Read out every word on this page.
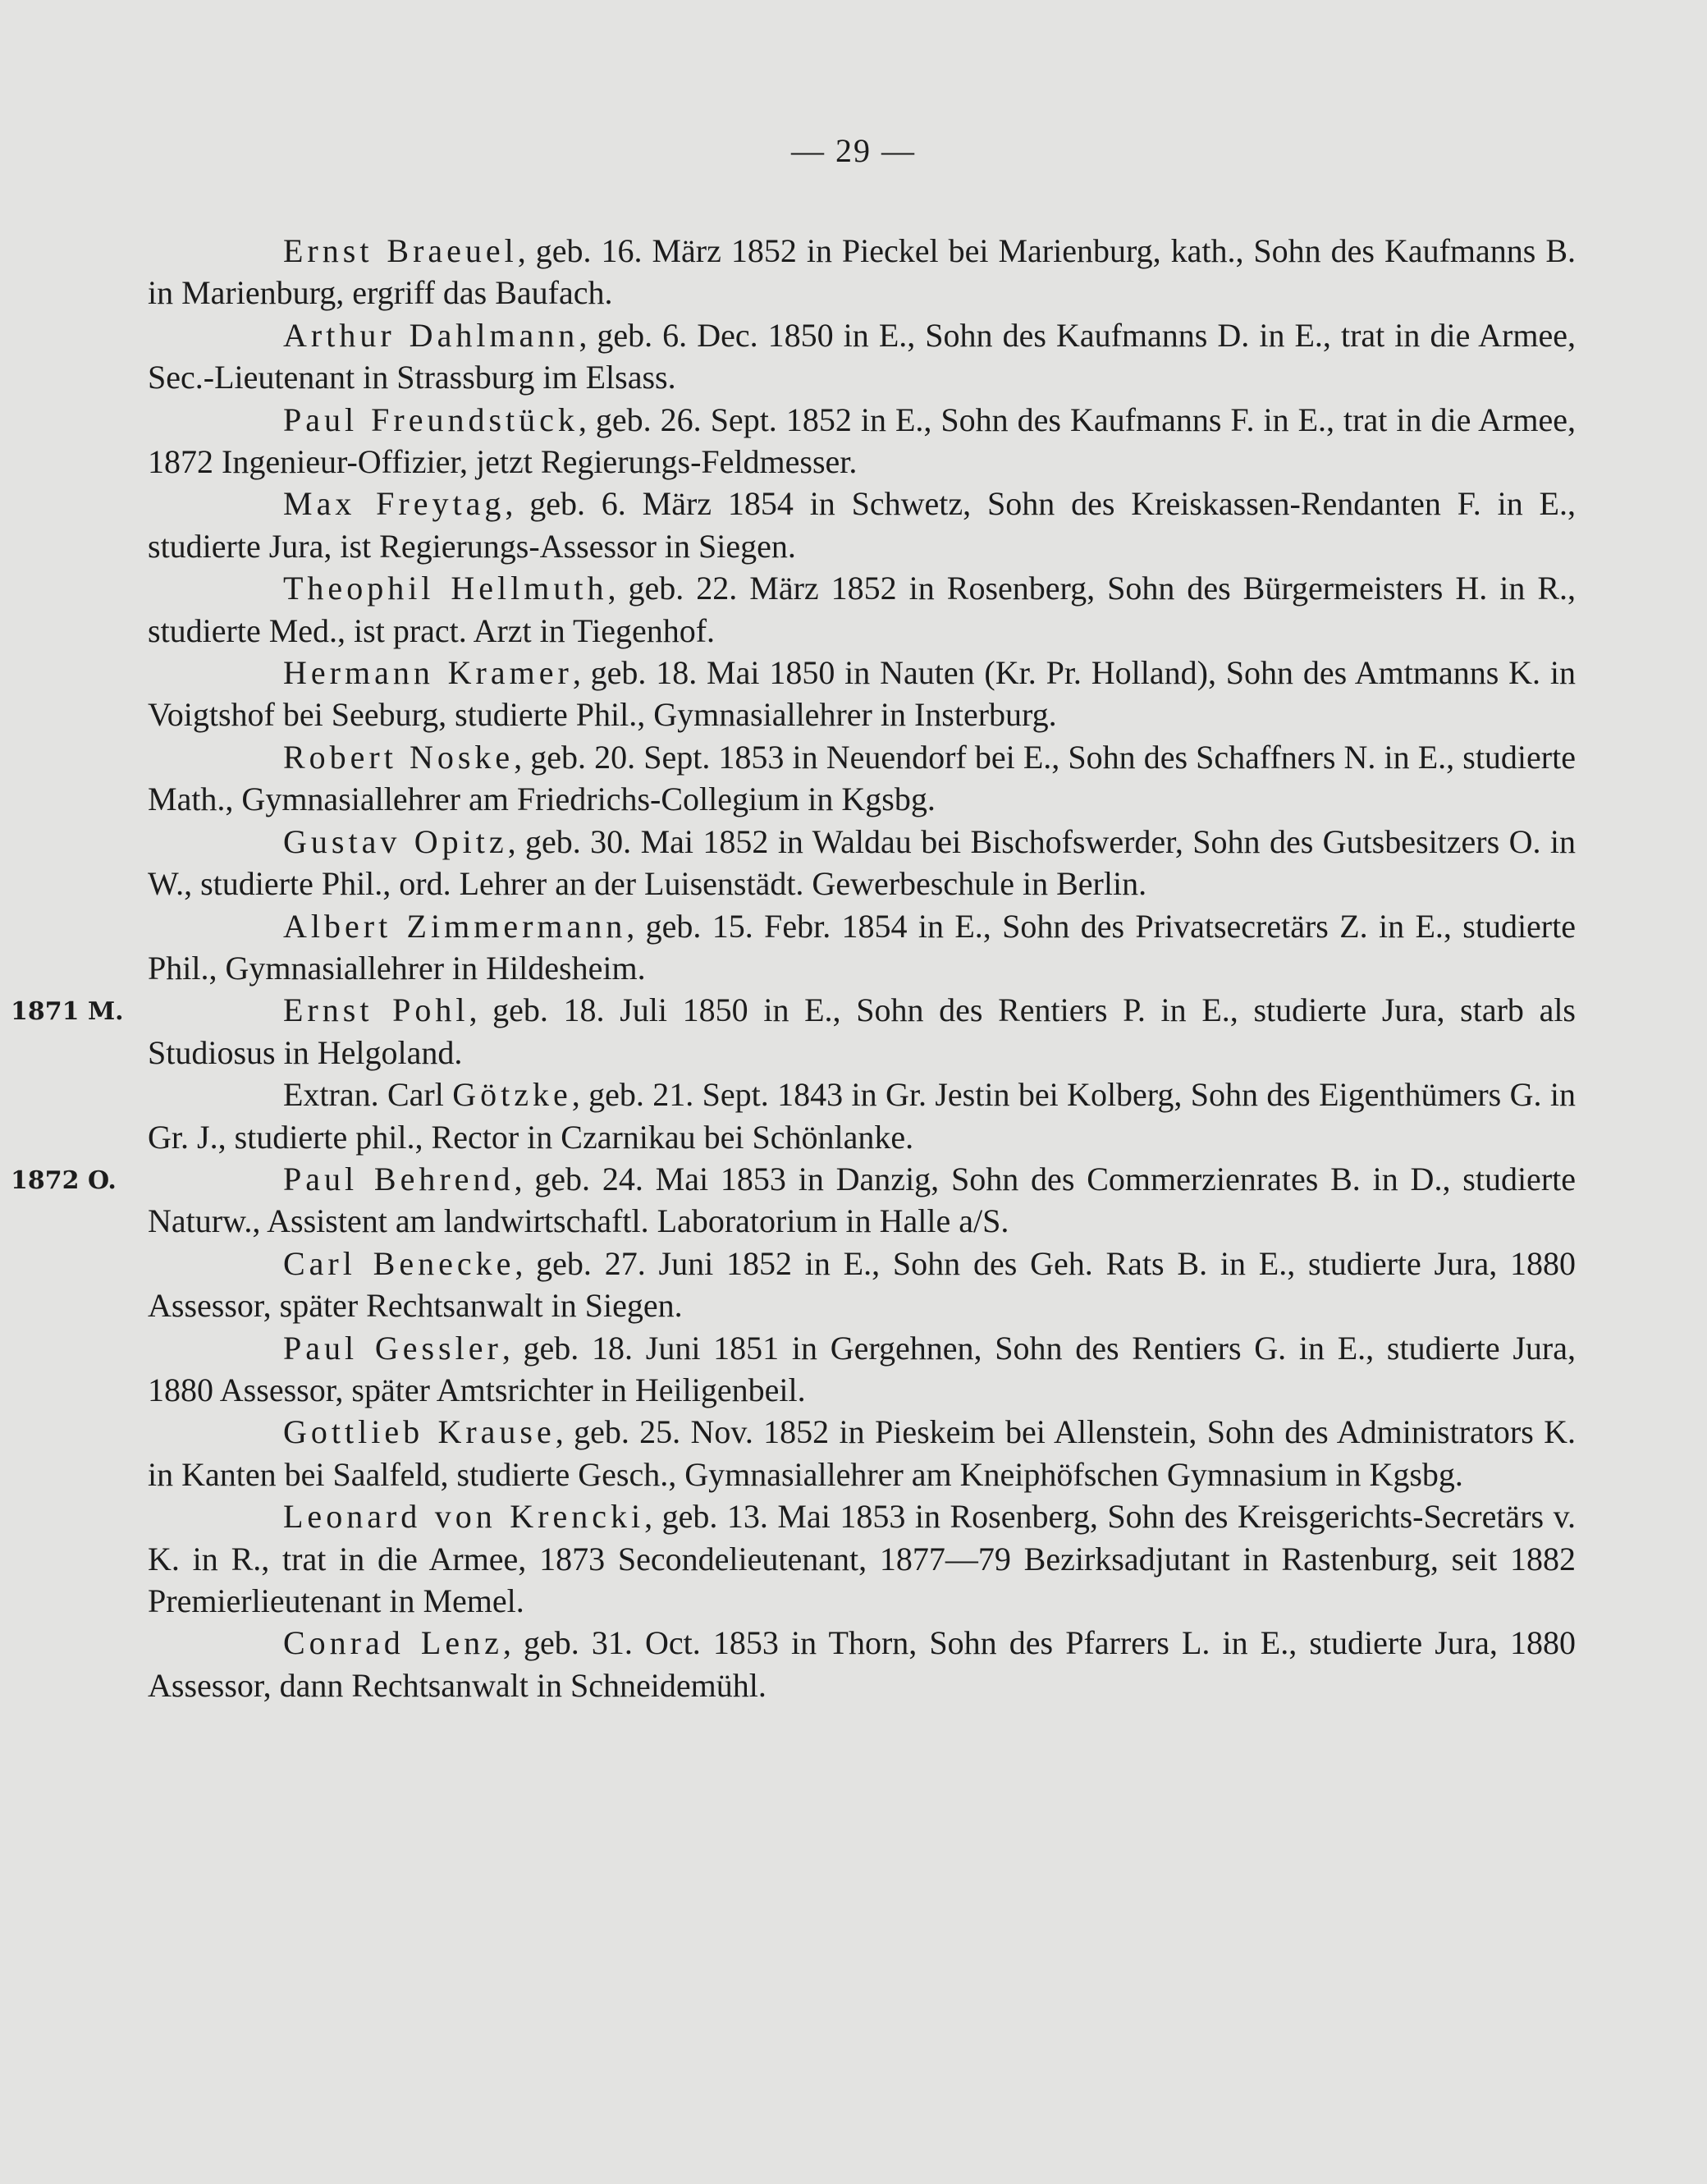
— 29 —

Ernst Braeuel, geb. 16. März 1852 in Pieckel bei Marienburg, kath., Sohn des Kaufmanns B. in Marienburg, ergriff das Baufach.

Arthur Dahlmann, geb. 6. Dec. 1850 in E., Sohn des Kaufmanns D. in E., trat in die Armee, Sec.-Lieutenant in Strassburg im Elsass.

Paul Freundstück, geb. 26. Sept. 1852 in E., Sohn des Kaufmanns F. in E., trat in die Armee, 1872 Ingenieur-Offizier, jetzt Regierungs-Feldmesser.

Max Freytag, geb. 6. März 1854 in Schwetz, Sohn des Kreiskassen-Rendanten F. in E., studierte Jura, ist Regierungs-Assessor in Siegen.

Theophil Hellmuth, geb. 22. März 1852 in Rosenberg, Sohn des Bürgermeisters H. in R., studierte Med., ist pract. Arzt in Tiegenhof.

Hermann Kramer, geb. 18. Mai 1850 in Nauten (Kr. Pr. Holland), Sohn des Amtmanns K. in Voigtshof bei Seeburg, studierte Phil., Gymnasiallehrer in Insterburg.

Robert Noske, geb. 20. Sept. 1853 in Neuendorf bei E., Sohn des Schaffners N. in E., studierte Math., Gymnasiallehrer am Friedrichs-Collegium in Kgsbg.

Gustav Opitz, geb. 30. Mai 1852 in Waldau bei Bischofswerder, Sohn des Gutsbesitzers O. in W., studierte Phil., ord. Lehrer an der Luisenstädt. Gewerbeschule in Berlin.

Albert Zimmermann, geb. 15. Febr. 1854 in E., Sohn des Privatsecretärs Z. in E., studierte Phil., Gymnasiallehrer in Hildesheim.

1871 M.	Ernst Pohl, geb. 18. Juli 1850 in E., Sohn des Rentiers P. in E., studierte Jura, starb als Studiosus in Helgoland.

Extran. Carl Götzke, geb. 21. Sept. 1843 in Gr. Jestin bei Kolberg, Sohn des Eigenthümers G. in Gr. J., studierte phil., Rector in Czarnikau bei Schönlanke.

1872 O.	Paul Behrend, geb. 24. Mai 1853 in Danzig, Sohn des Commerzienrates B. in D., studierte Naturw., Assistent am landwirtschaftl. Laboratorium in Halle a/S.

Carl Benecke, geb. 27. Juni 1852 in E., Sohn des Geh. Rats B. in E., studierte Jura, 1880 Assessor, später Rechtsanwalt in Siegen.

Paul Gessler, geb. 18. Juni 1851 in Gergehnen, Sohn des Rentiers G. in E., studierte Jura, 1880 Assessor, später Amtsrichter in Heiligenbeil.

Gottlieb Krause, geb. 25. Nov. 1852 in Pieskeim bei Allenstein, Sohn des Administrators K. in Kanten bei Saalfeld, studierte Gesch., Gymnasiallehrer am Kneiphöfschen Gymnasium in Kgsbg.

Leonard von Krencki, geb. 13. Mai 1853 in Rosenberg, Sohn des Kreisgerichts-Secretärs v. K. in R., trat in die Armee, 1873 Secondelieutenant, 1877—79 Bezirksadjutant in Rastenburg, seit 1882 Premierlieutenant in Memel.

Conrad Lenz, geb. 31. Oct. 1853 in Thorn, Sohn des Pfarrers L. in E., studierte Jura, 1880 Assessor, dann Rechtsanwalt in Schneidemühl.
